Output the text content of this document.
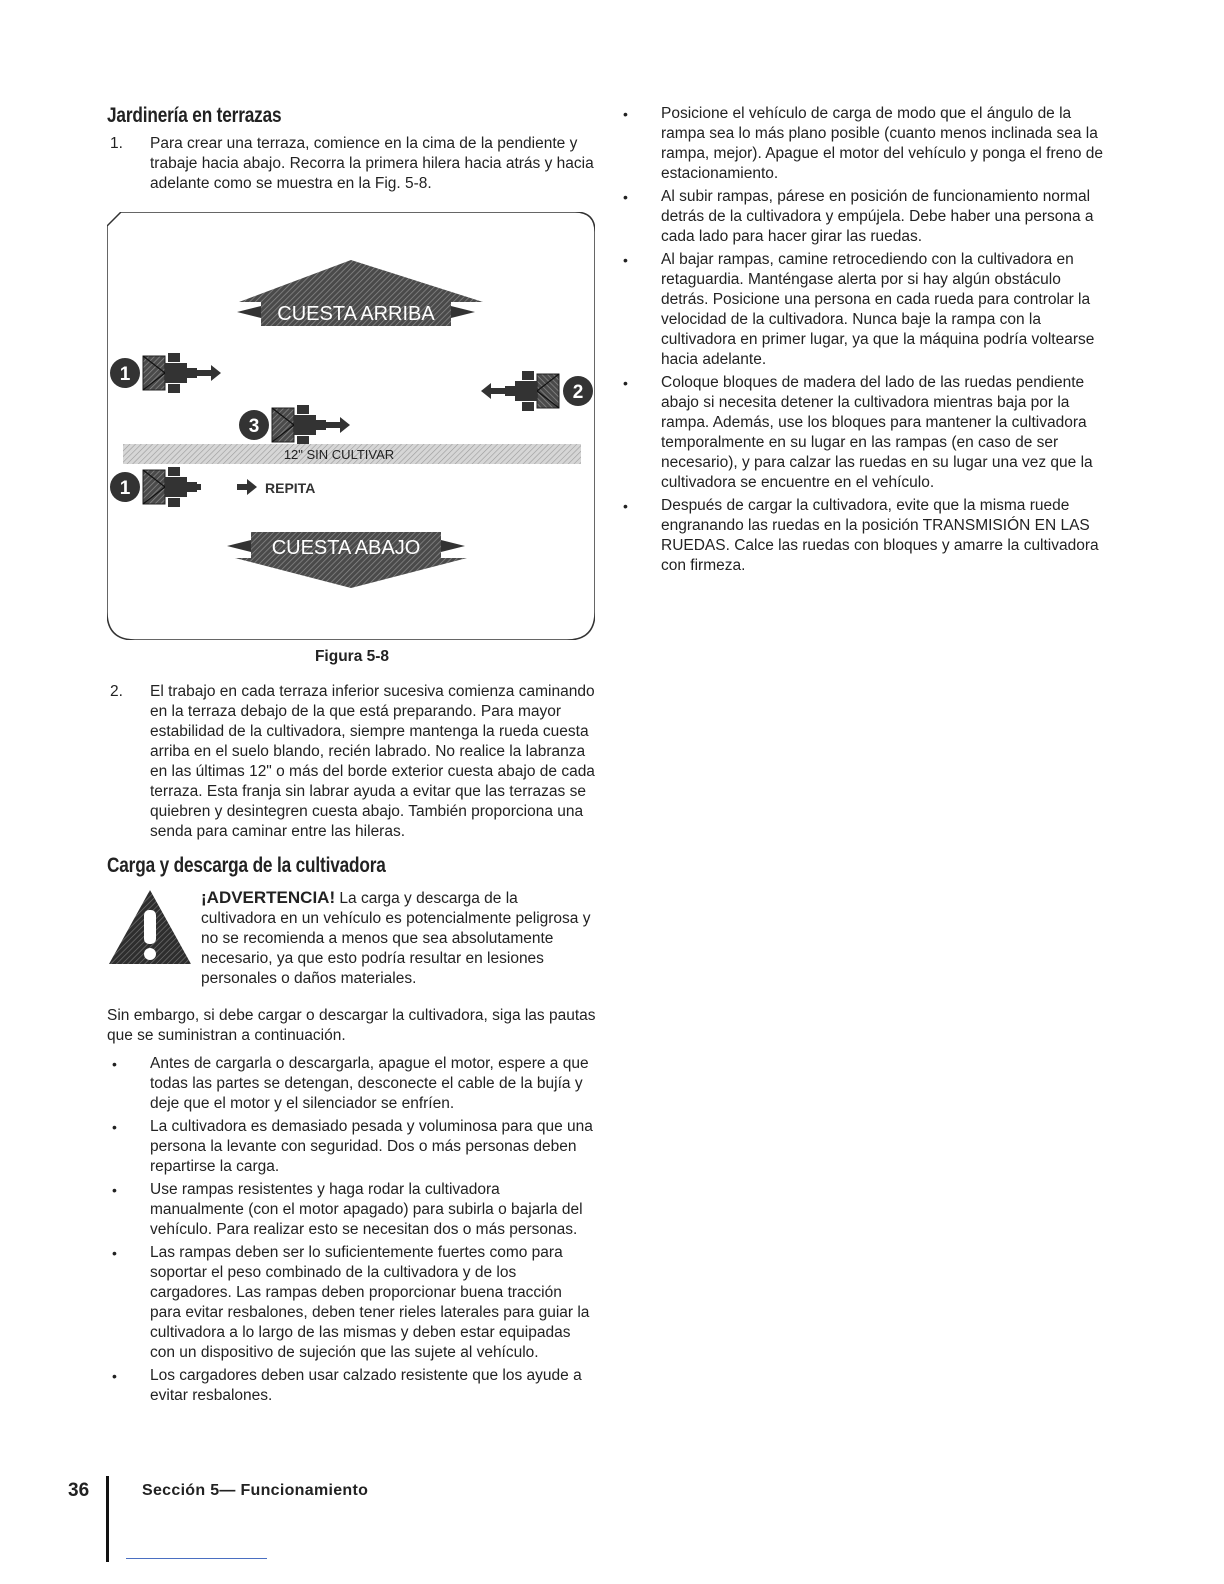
Jardinería en terrazas
1. Para crear una terraza, comience en la cima de la pendiente y trabaje hacia abajo. Recorra la primera hilera hacia atrás y hacia adelante como se muestra en la Fig. 5-8.
CUESTA ARRIBA
1
2
3
12" SIN CULTIVAR
1	REPITA
CUESTA ABAJO
Figura 5-8
2. El trabajo en cada terraza inferior sucesiva comienza caminando en la terraza debajo de la que está preparando. Para mayor estabilidad de la cultivadora, siempre mantenga la rueda cuesta arriba en el suelo blando, recién labrado. No realice la labranza en las últimas 12" o más del borde exterior cuesta abajo de cada terraza. Esta franja sin labrar ayuda a evitar que las terrazas se quiebren y desintegren cuesta abajo. También proporciona una senda para caminar entre las hileras.
Carga y descarga de la cultivadora

¡ADVERTENCIA! La carga y descarga de la cultivadora en un vehículo es potencialmente peligrosa y no se recomienda a menos que sea absolutamente necesario, ya que esto podría resultar en lesiones personales o daños materiales.

Sin embargo, si debe cargar o descargar la cultivadora, siga las pautas que se suministran a continuación.

• Antes de cargarla o descargarla, apague el motor, espere a que todas las partes se detengan, desconecte el cable de la bujía y deje que el motor y el silenciador se enfríen.
• La cultivadora es demasiado pesada y voluminosa para que una persona la levante con seguridad. Dos o más personas deben repartirse la carga.
• Use rampas resistentes y haga rodar la cultivadora manualmente (con el motor apagado) para subirla o bajarla del vehículo. Para realizar esto se necesitan dos o más personas.
• Las rampas deben ser lo suficientemente fuertes como para soportar el peso combinado de la cultivadora y de los cargadores. Las rampas deben proporcionar buena tracción para evitar resbalones, deben tener rieles laterales para guiar la cultivadora a lo largo de las mismas y deben estar equipadas con un dispositivo de sujeción que las sujete al vehículo.
• Los cargadores deben usar calzado resistente que los ayude a evitar resbalones.
• Posicione el vehículo de carga de modo que el ángulo de la rampa sea lo más plano posible (cuanto menos inclinada sea la rampa, mejor). Apague el motor del vehículo y ponga el freno de estacionamiento.
• Al subir rampas, párese en posición de funcionamiento normal detrás de la cultivadora y empújela. Debe haber una persona a cada lado para hacer girar las ruedas.
• Al bajar rampas, camine retrocediendo con la cultivadora en retaguardia. Manténgase alerta por si hay algún obstáculo detrás. Posicione una persona en cada rueda para controlar la velocidad de la cultivadora. Nunca baje la rampa con la cultivadora en primer lugar, ya que la máquina podría voltearse hacia adelante.
• Coloque bloques de madera del lado de las ruedas pendiente abajo si necesita detener la cultivadora mientras baja por la rampa. Además, use los bloques para mantener la cultivadora temporalmente en su lugar en las rampas (en caso de ser necesario), y para calzar las ruedas en su lugar una vez que la cultivadora se encuentre en el vehículo.
• Después de cargar la cultivadora, evite que la misma ruede engranando las ruedas en la posición TRANSMISIÓN EN LAS RUEDAS. Calce las ruedas con bloques y amarre la cultivadora con firmeza.
36	Sección 5— Funcionamiento
